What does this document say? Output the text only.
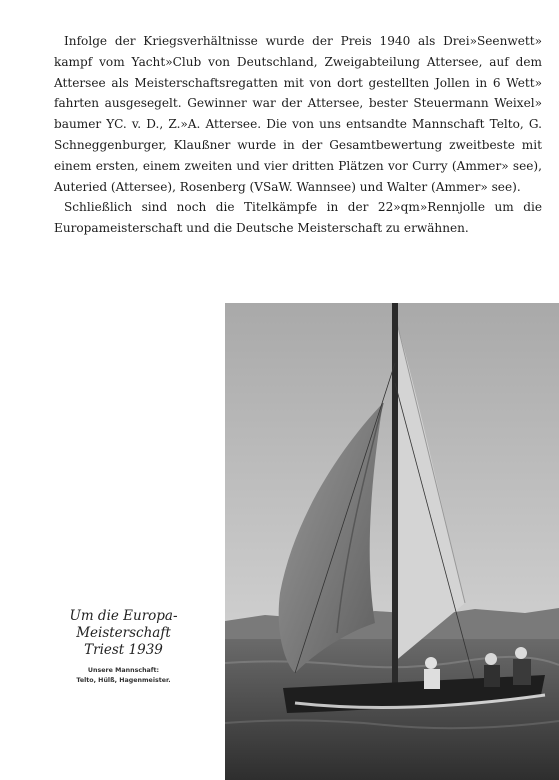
Infolge der Kriegsverhältnisse wurde der Preis 1940 als Drei»Seenwett» kampf vom Yacht»Club von Deutschland, Zweigabteilung Attersee, auf dem Attersee als Meisterschaftsregatten mit von dort gestellten Jollen in 6 Wett» fahrten ausgesegelt. Gewinner war der Attersee, bester Steuermann Weixel» baumer YC. v. D., Z.»A. Attersee. Die von uns entsandte Mannschaft Telto, G. Schneggenburger, Klaußner wurde in der Gesamtbewertung zweitbeste mit einem ersten, einem zweiten und vier dritten Plätzen vor Curry (Ammer» see), Auteried (Attersee), Rosenberg (VSaW. Wannsee) und Walter (Ammer» see).

Schließlich sind noch die Titelkämpfe in der 22»qm»Rennjolle um die Europameisterschaft und die Deutsche Meisterschaft zu erwähnen.

Um die Europa-Meisterschaft
Triest 1939
Unsere Mannschaft:
Telto, Hülß, Hagenmeister.
